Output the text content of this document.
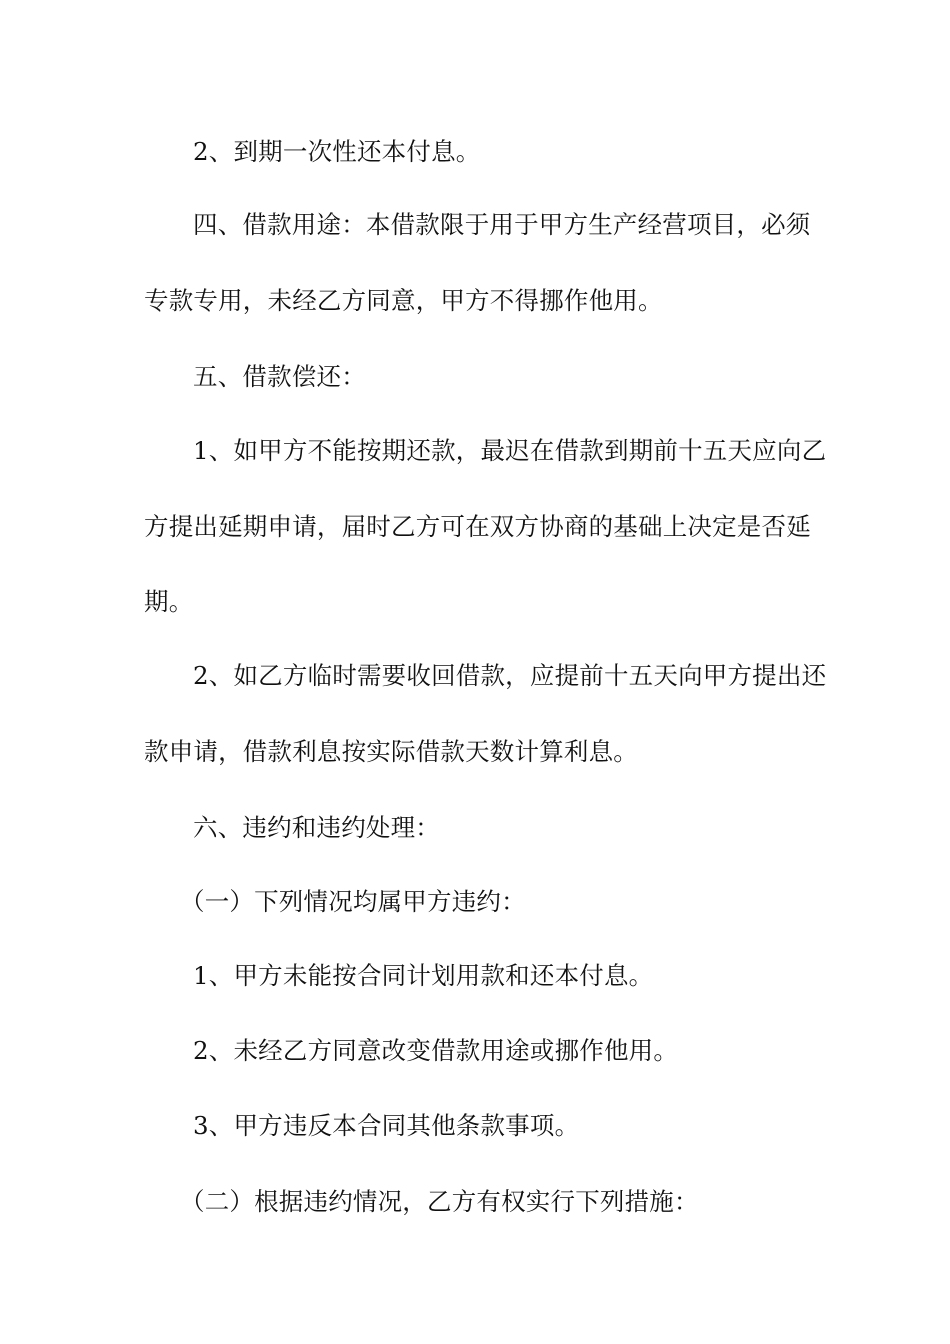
2、到期一次性还本付息。
四、借款用途：本借款限于用于甲方生产经营项目，必须
专款专用，未经乙方同意，甲方不得挪作他用。
五、借款偿还：
1、如甲方不能按期还款，最迟在借款到期前十五天应向乙
方提出延期申请，届时乙方可在双方协商的基础上决定是否延
期。
2、如乙方临时需要收回借款，应提前十五天向甲方提出还
款申请，借款利息按实际借款天数计算利息。
六、违约和违约处理：
（一）下列情况均属甲方违约：
1、甲方未能按合同计划用款和还本付息。
2、未经乙方同意改变借款用途或挪作他用。
3、甲方违反本合同其他条款事项。
（二）根据违约情况，乙方有权实行下列措施：
